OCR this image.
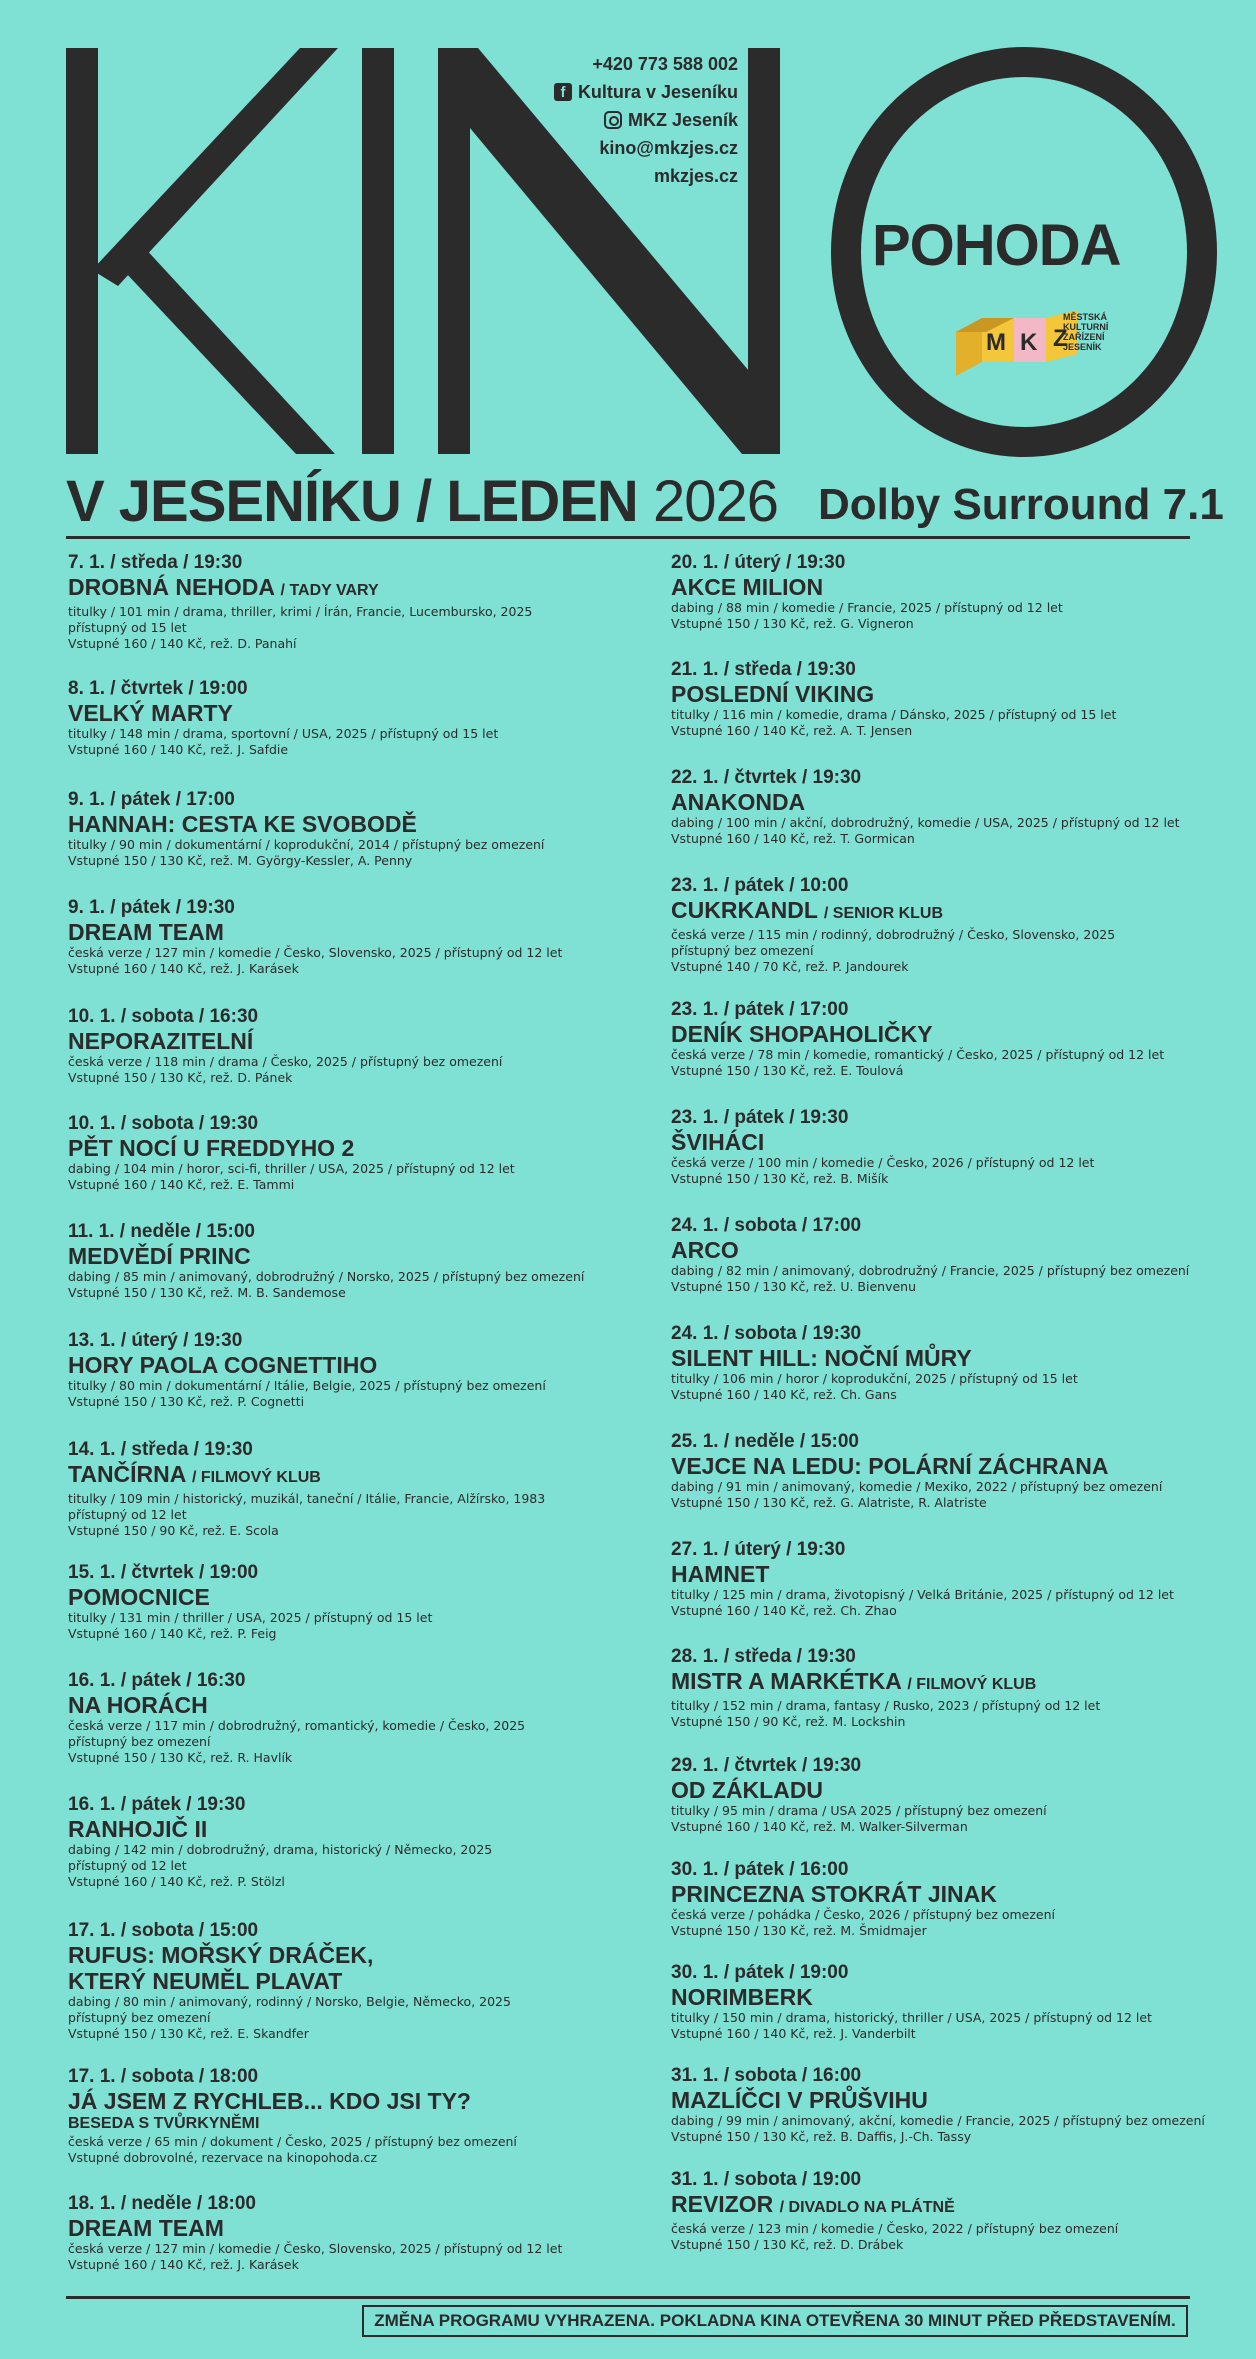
M K Z
+420 773 588 002
f Kultura v Jeseníku
MKZ Jeseník
kino@mkzjes.cz
mkzjes.cz
POHODA
MĚSTSKÁ KULTURNÍ ZAŘÍZENÍ JESENÍK
V JESENÍKU / LEDEN 2026 Dolby Surround 7.1
7. 1. / středa / 19:30
DROBNÁ NEHODA / TADY VARY
titulky / 101 min / drama, thriller, krimi / Írán, Francie, Lucembursko, 2025
přístupný od 15 let
Vstupné 160 / 140 Kč, rež. D. Panahí
8. 1. / čtvrtek / 19:00
VELKÝ MARTY
titulky / 148 min / drama, sportovní / USA, 2025 / přístupný od 15 let
Vstupné 160 / 140 Kč, rež. J. Safdie
9. 1. / pátek / 17:00
HANNAH: CESTA KE SVOBODĚ
titulky / 90 min / dokumentární / koprodukční, 2014 / přístupný bez omezení
Vstupné 150 / 130 Kč, rež. M. György-Kessler, A. Penny
9. 1. / pátek / 19:30
DREAM TEAM
česká verze / 127 min / komedie / Česko, Slovensko, 2025 / přístupný od 12 let
Vstupné 160 / 140 Kč, rež. J. Karásek
10. 1. / sobota / 16:30
NEPORAZITELNÍ
česká verze / 118 min / drama / Česko, 2025 / přístupný bez omezení
Vstupné 150 / 130 Kč, rež. D. Pánek
10. 1. / sobota / 19:30
PĚT NOCÍ U FREDDYHO 2
dabing / 104 min / horor, sci-fi, thriller / USA, 2025 / přístupný od 12 let
Vstupné 160 / 140 Kč, rež. E. Tammi
11. 1. / neděle / 15:00
MEDVĚDÍ PRINC
dabing / 85 min / animovaný, dobrodružný / Norsko, 2025 / přístupný bez omezení
Vstupné 150 / 130 Kč, rež. M. B. Sandemose
13. 1. / úterý / 19:30
HORY PAOLA COGNETTIHO
titulky / 80 min / dokumentární / Itálie, Belgie, 2025 / přístupný bez omezení
Vstupné 150 / 130 Kč, rež. P. Cognetti
14. 1. / středa / 19:30
TANČÍRNA / FILMOVÝ KLUB
titulky / 109 min / historický, muzikál, taneční / Itálie, Francie, Alžírsko, 1983
přístupný od 12 let
Vstupné 150 / 90 Kč, rež. E. Scola
15. 1. / čtvrtek / 19:00
POMOCNICE
titulky / 131 min / thriller / USA, 2025 / přístupný od 15 let
Vstupné 160 / 140 Kč, rež. P. Feig
16. 1. / pátek / 16:30
NA HORÁCH
česká verze / 117 min / dobrodružný, romantický, komedie / Česko, 2025
přístupný bez omezení
Vstupné 150 / 130 Kč, rež. R. Havlík
16. 1. / pátek / 19:30
RANHOJIČ II
dabing / 142 min / dobrodružný, drama, historický / Německo, 2025
přístupný od 12 let
Vstupné 160 / 140 Kč, rež. P. Stölzl
17. 1. / sobota / 15:00
RUFUS: MOŘSKÝ DRÁČEK,
KTERÝ NEUMĚL PLAVAT
dabing / 80 min / animovaný, rodinný / Norsko, Belgie, Německo, 2025
přístupný bez omezení
Vstupné 150 / 130 Kč, rež. E. Skandfer
17. 1. / sobota / 18:00
JÁ JSEM Z RYCHLEB... KDO JSI TY?
BESEDA S TVŮRKYNĚMI
česká verze / 65 min / dokument / Česko, 2025 / přístupný bez omezení
Vstupné dobrovolné, rezervace na kinopohoda.cz
18. 1. / neděle / 18:00
DREAM TEAM
česká verze / 127 min / komedie / Česko, Slovensko, 2025 / přístupný od 12 let
Vstupné 160 / 140 Kč, rež. J. Karásek
20. 1. / úterý / 19:30
AKCE MILION
dabing / 88 min / komedie / Francie, 2025 / přístupný od 12 let
Vstupné 150 / 130 Kč, rež. G. Vigneron
21. 1. / středa / 19:30
POSLEDNÍ VIKING
titulky / 116 min / komedie, drama / Dánsko, 2025 / přístupný od 15 let
Vstupné 160 / 140 Kč, rež. A. T. Jensen
22. 1. / čtvrtek / 19:30
ANAKONDA
dabing / 100 min / akční, dobrodružný, komedie / USA, 2025 / přístupný od 12 let
Vstupné 160 / 140 Kč, rež. T. Gormican
23. 1. / pátek / 10:00
CUKRKANDL / SENIOR KLUB
česká verze / 115 min / rodinný, dobrodružný / Česko, Slovensko, 2025
přístupný bez omezení
Vstupné 140 / 70 Kč, rež. P. Jandourek
23. 1. / pátek / 17:00
DENÍK SHOPAHOLIČKY
česká verze / 78 min / komedie, romantický / Česko, 2025 / přístupný od 12 let
Vstupné 150 / 130 Kč, rež. E. Toulová
23. 1. / pátek / 19:30
ŠVIHÁCI
česká verze / 100 min / komedie / Česko, 2026 / přístupný od 12 let
Vstupné 150 / 130 Kč, rež. B. Mišík
24. 1. / sobota / 17:00
ARCO
dabing / 82 min / animovaný, dobrodružný / Francie, 2025 / přístupný bez omezení
Vstupné 150 / 130 Kč, rež. U. Bienvenu
24. 1. / sobota / 19:30
SILENT HILL: NOČNÍ MŮRY
titulky / 106 min / horor / koprodukční, 2025 / přístupný od 15 let
Vstupné 160 / 140 Kč, rež. Ch. Gans
25. 1. / neděle / 15:00
VEJCE NA LEDU: POLÁRNÍ ZÁCHRANA
dabing / 91 min / animovaný, komedie / Mexiko, 2022 / přístupný bez omezení
Vstupné 150 / 130 Kč, rež. G. Alatriste, R. Alatriste
27. 1. / úterý / 19:30
HAMNET
titulky / 125 min / drama, životopisný / Velká Británie, 2025 / přístupný od 12 let
Vstupné 160 / 140 Kč, rež. Ch. Zhao
28. 1. / středa / 19:30
MISTR A MARKÉTKA / FILMOVÝ KLUB
titulky / 152 min / drama, fantasy / Rusko, 2023 / přístupný od 12 let
Vstupné 150 / 90 Kč, rež. M. Lockshin
29. 1. / čtvrtek / 19:30
OD ZÁKLADU
titulky / 95 min / drama / USA 2025 / přístupný bez omezení
Vstupné 160 / 140 Kč, rež. M. Walker-Silverman
30. 1. / pátek / 16:00
PRINCEZNA STOKRÁT JINAK
česká verze / pohádka / Česko, 2026 / přístupný bez omezení
Vstupné 150 / 130 Kč, rež. M. Šmidmajer
30. 1. / pátek / 19:00
NORIMBERK
titulky / 150 min / drama, historický, thriller / USA, 2025 / přístupný od 12 let
Vstupné 160 / 140 Kč, rež. J. Vanderbilt
31. 1. / sobota / 16:00
MAZLÍČCI V PRŮŠVIHU
dabing / 99 min / animovaný, akční, komedie / Francie, 2025 / přístupný bez omezení
Vstupné 150 / 130 Kč, rež. B. Daffis, J.-Ch. Tassy
31. 1. / sobota / 19:00
REVIZOR / DIVADLO NA PLÁTNĚ
česká verze / 123 min / komedie / Česko, 2022 / přístupný bez omezení
Vstupné 150 / 130 Kč, rež. D. Drábek
ZMĚNA PROGRAMU VYHRAZENA. POKLADNA KINA OTEVŘENA 30 MINUT PŘED PŘEDSTAVENÍM.
